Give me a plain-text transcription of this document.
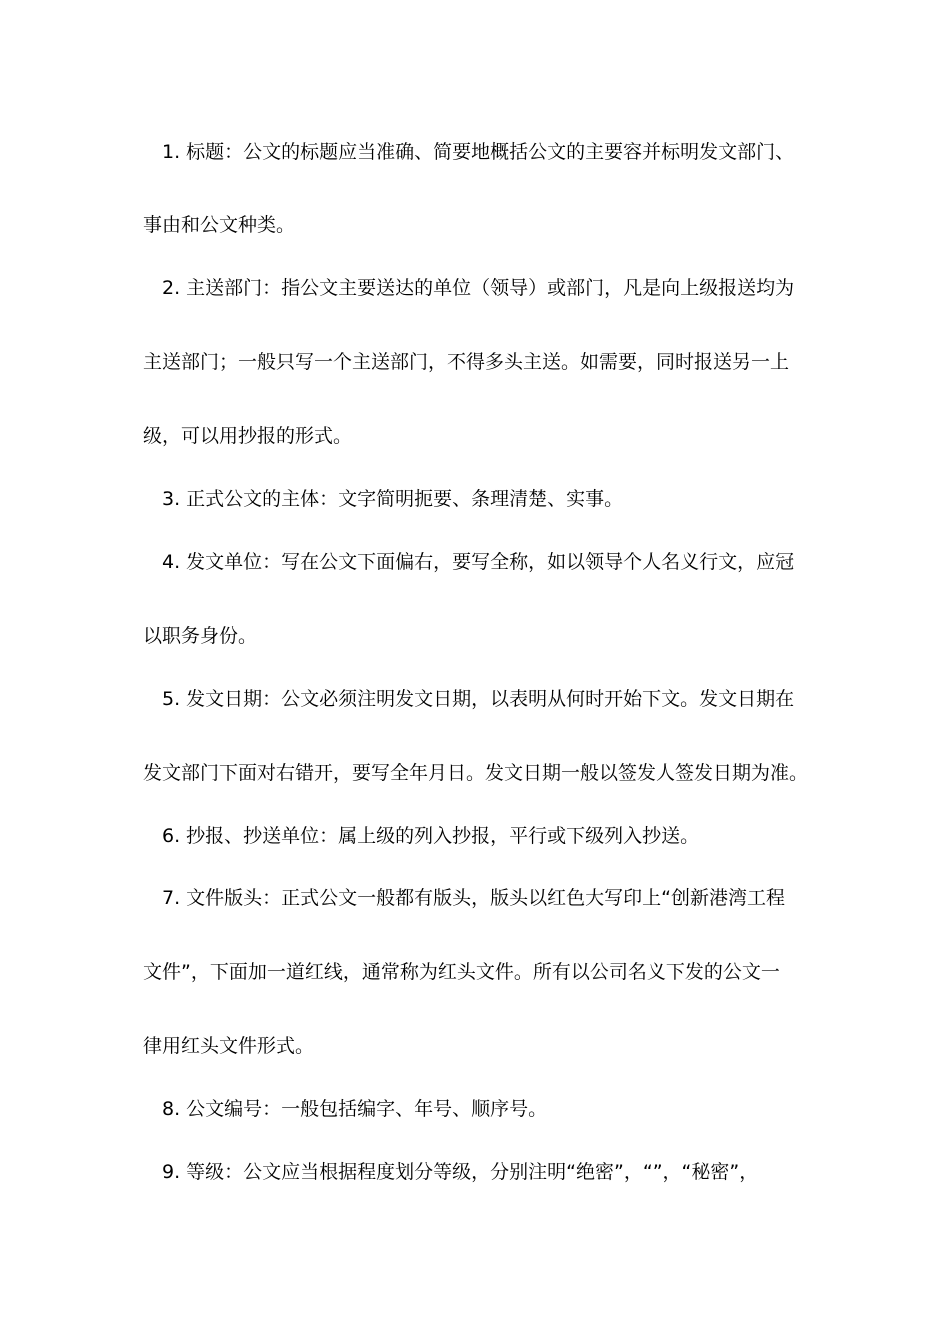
1. 标题：公文的标题应当准确、简要地概括公文的主要容并标明发文部门、
事由和公文种类。
2. 主送部门：指公文主要送达的单位（领导）或部门，凡是向上级报送均为
主送部门；一般只写一个主送部门，不得多头主送。如需要，同时报送另一上
级，可以用抄报的形式。
3. 正式公文的主体：文字简明扼要、条理清楚、实事。
4. 发文单位：写在公文下面偏右，要写全称，如以领导个人名义行文，应冠
以职务身份。
5. 发文日期：公文必须注明发文日期，以表明从何时开始下文。发文日期在
发文部门下面对右错开，要写全年月日。发文日期一般以签发人签发日期为准。
6. 抄报、抄送单位：属上级的列入抄报，平行或下级列入抄送。
7. 文件版头：正式公文一般都有版头，版头以红色大写印上“创新港湾工程
文件”，下面加一道红线，通常称为红头文件。所有以公司名义下发的公文一
律用红头文件形式。
8. 公文编号：一般包括编字、年号、顺序号。
9. 等级：公文应当根据程度划分等级，分别注明“绝密”，“”，“秘密”，
